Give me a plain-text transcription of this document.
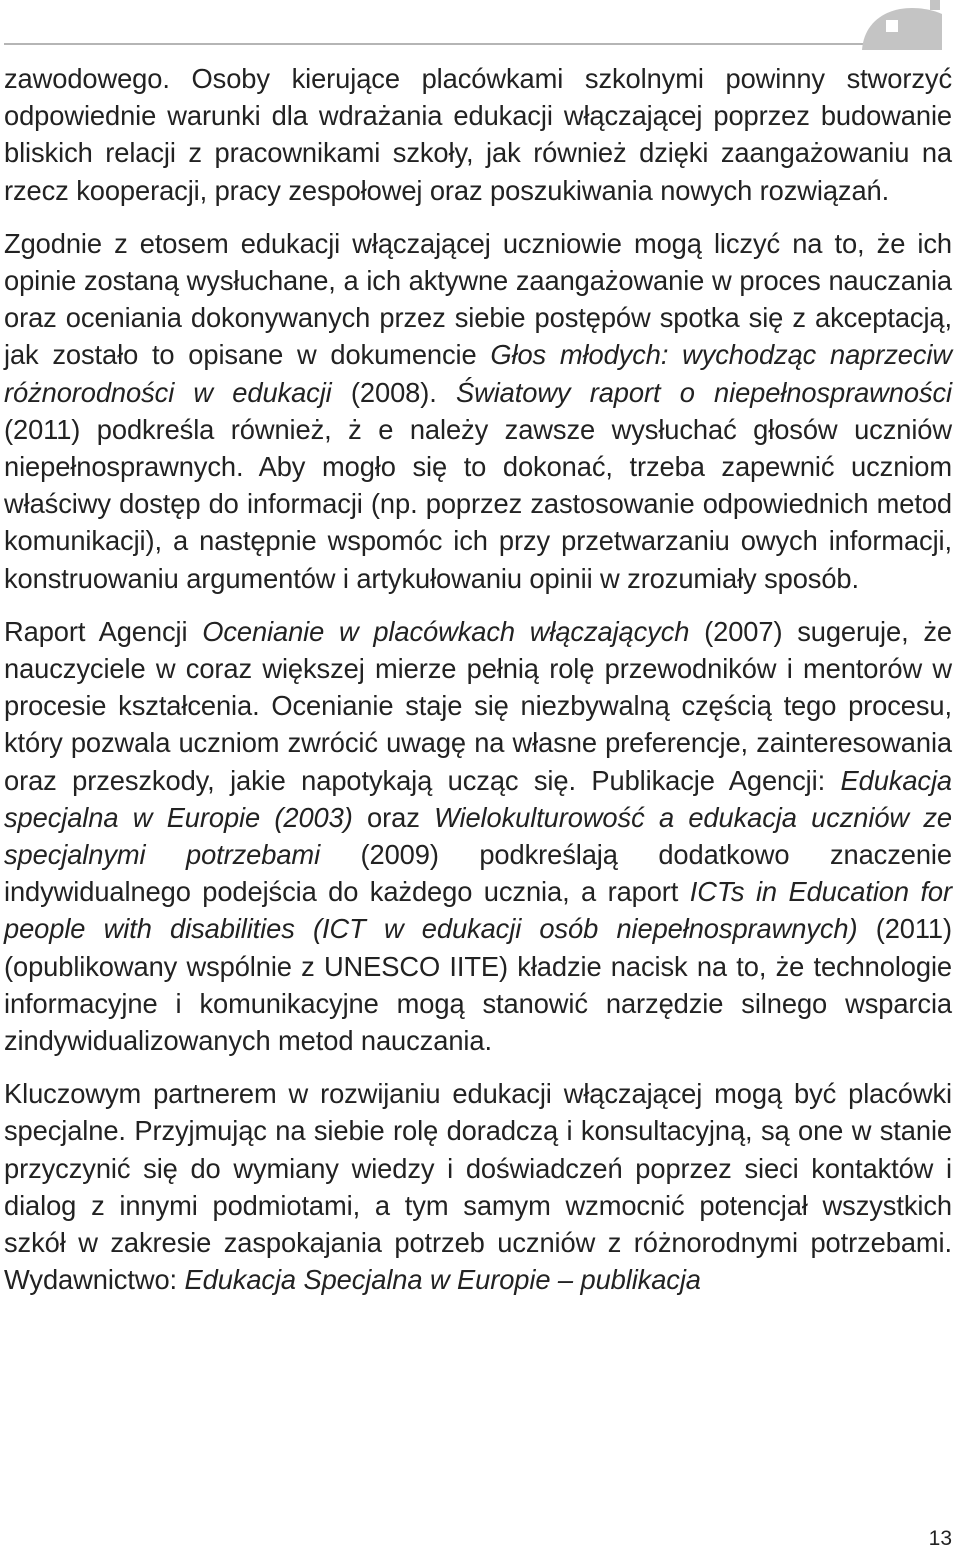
zawodowego. Osoby kierujące placówkami szkolnymi powinny stworzyć odpowiednie warunki dla wdrażania edukacji włączającej poprzez budowanie bliskich relacji z pracownikami szkoły, jak również dzięki zaangażowaniu na rzecz kooperacji, pracy zespołowej oraz poszukiwania nowych rozwiązań.

Zgodnie z etosem edukacji włączającej uczniowie mogą liczyć na to, że ich opinie zostaną wysłuchane, a ich aktywne zaangażowanie w proces nauczania oraz oceniania dokonywanych przez siebie postępów spotka się z akceptacją, jak zostało to opisane w dokumencie Głos młodych: wychodząc naprzeciw różnorodności w edukacji (2008). Światowy raport o niepełnosprawności (2011) podkreśla również, ż e należy zawsze wysłuchać głosów uczniów niepełnosprawnych. Aby mogło się to dokonać, trzeba zapewnić uczniom właściwy dostęp do informacji (np. poprzez zastosowanie odpowiednich metod komunikacji), a następnie wspomóc ich przy przetwarzaniu owych informacji, konstruowaniu argumentów i artykułowaniu opinii w zrozumiały sposób.

Raport Agencji Ocenianie w placówkach włączających (2007) sugeruje, że nauczyciele w coraz większej mierze pełnią rolę przewodników i mentorów w procesie kształcenia. Ocenianie staje się niezbywalną częścią tego procesu, który pozwala uczniom zwrócić uwagę na własne preferencje, zainteresowania oraz przeszkody, jakie napotykają ucząc się. Publikacje Agencji: Edukacja specjalna w Europie (2003) oraz Wielokulturowość a edukacja uczniów ze specjalnymi potrzebami (2009) podkreślają dodatkowo znaczenie indywidualnego podejścia do każdego ucznia, a raport ICTs in Education for people with disabilities (ICT w edukacji osób niepełnosprawnych) (2011) (opublikowany wspólnie z UNESCO IITE) kładzie nacisk na to, że technologie informacyjne i komunikacyjne mogą stanowić narzędzie silnego wsparcia zindywidualizowanych metod nauczania.

Kluczowym partnerem w rozwijaniu edukacji włączającej mogą być placówki specjalne. Przyjmując na siebie rolę doradczą i konsultacyjną, są one w stanie przyczynić się do wymiany wiedzy i doświadczeń poprzez sieci kontaktów i dialog z innymi podmiotami, a tym samym wzmocnić potencjał wszystkich szkół w zakresie zaspokajania potrzeb uczniów z różnorodnymi potrzebami. Wydawnictwo: Edukacja Specjalna w Europie – publikacja

13
